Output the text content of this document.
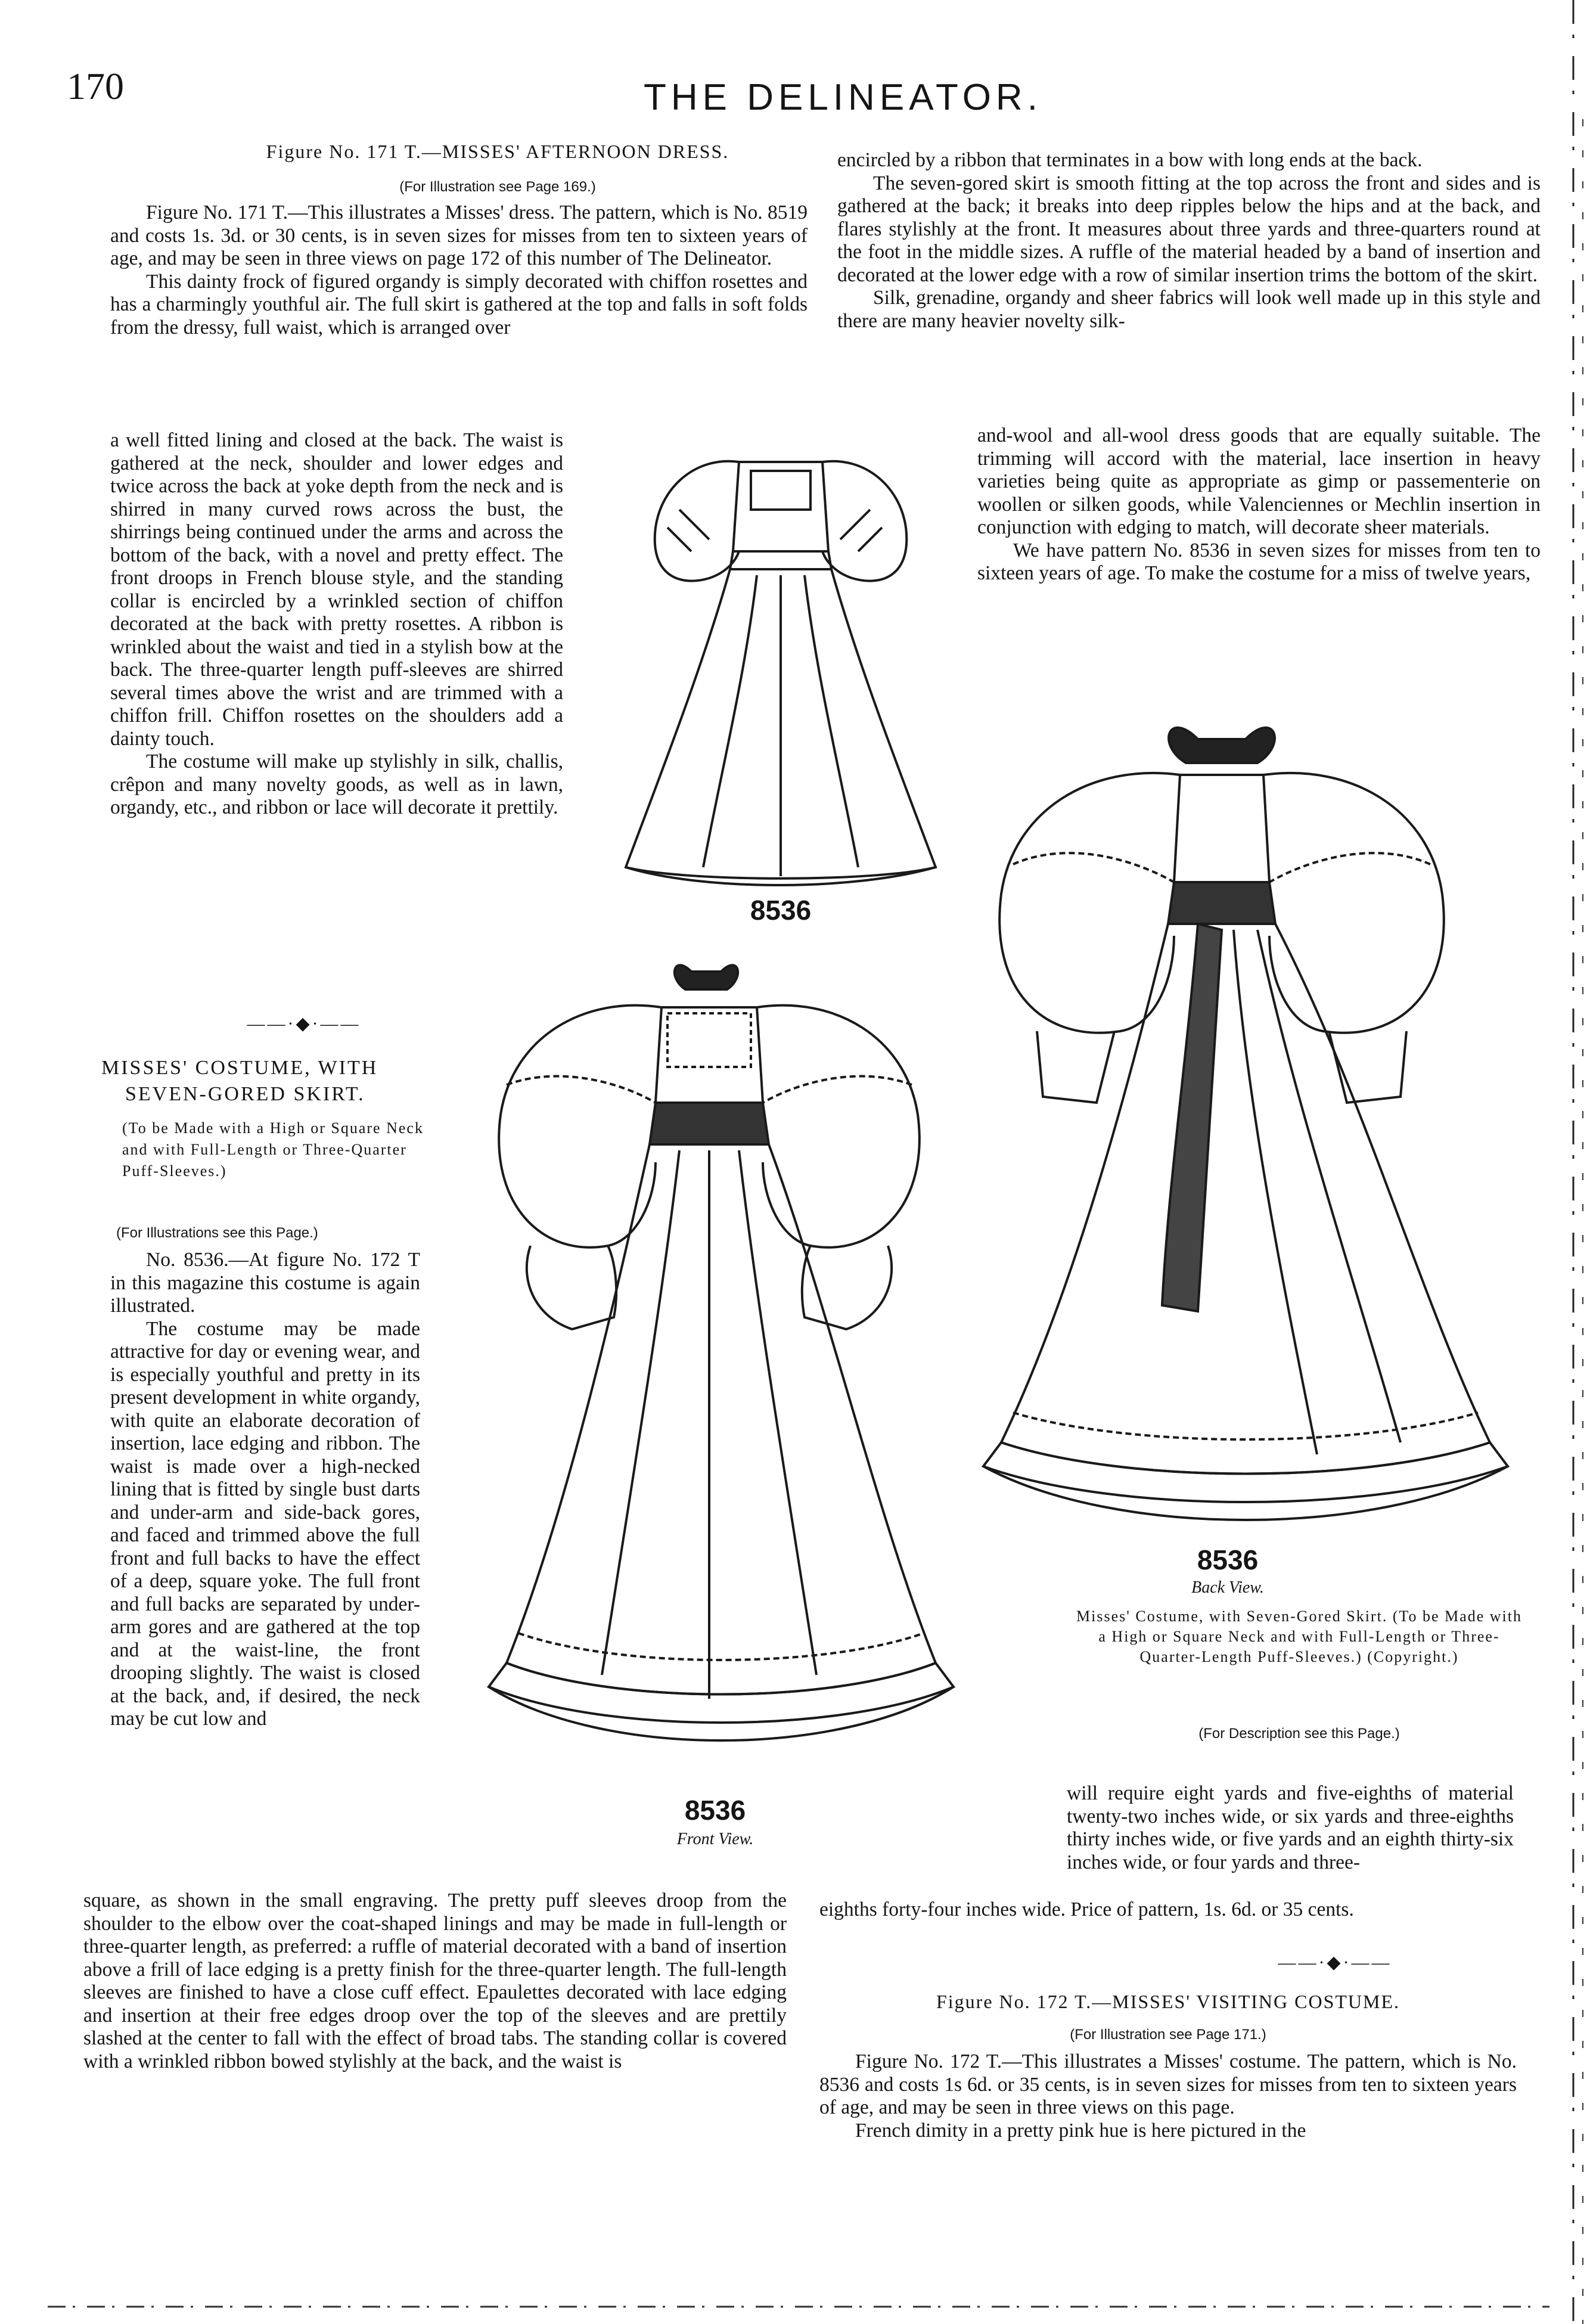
170	THE DELINEATOR.
Figure No. 171 T.—MISSES' AFTERNOON DRESS.
(For Illustration see Page 169.)

Figure No. 171 T.—This illustrates a Misses' dress. The pattern, which is No. 8519 and costs 1s. 3d. or 30 cents, is in seven sizes for misses from ten to sixteen years of age, and may be seen in three views on page 172 of this number of The Delineator.

This dainty frock of figured organdy is simply decorated with chiffon rosettes and has a charmingly youthful air. The full skirt is gathered at the top and falls in soft folds from the dressy, full waist, which is arranged over

a well fitted lining and closed at the back. The waist is gathered at the neck, shoulder and lower edges and twice across the back at yoke depth from the neck and is shirred in many curved rows across the bust, the shirrings being continued under the arms and across the bottom of the back, with a novel and pretty effect. The front droops in French blouse style, and the standing collar is encircled by a wrinkled section of chiffon decorated at the back with pretty rosettes. A ribbon is wrinkled about the waist and tied in a stylish bow at the back. The three-quarter length puff-sleeves are shirred several times above the wrist and are trimmed with a chiffon frill. Chiffon rosettes on the shoulders add a dainty touch.

The costume will make up stylishly in silk, challis, crêpon and many novelty goods, as well as in lawn, organdy, etc., and ribbon or lace will decorate it prettily.

——·◆·——
MISSES' COSTUME, WITH
SEVEN-GORED SKIRT.
(To be Made with a High or Square Neck and with Full-Length or Three-Quarter Puff-Sleeves.)
(For Illustrations see this Page.)

No. 8536.—At figure No. 172 T in this magazine this costume is again illustrated.

The costume may be made attractive for day or evening wear, and is especially youthful and pretty in its present development in white organdy, with quite an elaborate decoration of insertion, lace edging and ribbon. The waist is made over a high-necked lining that is fitted by single bust darts and under-arm and side-back gores, and faced and trimmed above the full front and full backs to have the effect of a deep, square yoke. The full front and full backs are separated by under-arm gores and are gathered at the top and at the waist-line, the front drooping slightly. The waist is closed at the back, and, if desired, the neck may be cut low and

square, as shown in the small engraving. The pretty puff sleeves droop from the shoulder to the elbow over the coat-shaped linings and may be made in full-length or three-quarter length, as preferred: a ruffle of material decorated with a band of insertion above a frill of lace edging is a pretty finish for the three-quarter length. The full-length sleeves are finished to have a close cuff effect. Epaulettes decorated with lace edging and insertion at their free edges droop over the top of the sleeves and are prettily slashed at the center to fall with the effect of broad tabs. The standing collar is covered with a wrinkled ribbon bowed stylishly at the back, and the waist is

encircled by a ribbon that terminates in a bow with long ends at the back.

The seven-gored skirt is smooth fitting at the top across the front and sides and is gathered at the back; it breaks into deep ripples below the hips and at the back, and flares stylishly at the front. It measures about three yards and three-quarters round at the foot in the middle sizes. A ruffle of the material headed by a band of insertion and decorated at the lower edge with a row of similar insertion trims the bottom of the skirt.

Silk, grenadine, organdy and sheer fabrics will look well made up in this style and there are many heavier novelty silk-

and-wool and all-wool dress goods that are equally suitable. The trimming will accord with the material, lace insertion in heavy varieties being quite as appropriate as gimp or passementerie on woollen or silken goods, while Valenciennes or Mechlin insertion in conjunction with edging to match, will decorate sheer materials.

We have pattern No. 8536 in seven sizes for misses from ten to sixteen years of age. To make the costume for a miss of twelve years,

will require eight yards and five-eighths of material twenty-two inches wide, or six yards and three-eighths thirty inches wide, or five yards and an eighth thirty-six inches wide, or four yards and three-

eighths forty-four inches wide. Price of pattern, 1s. 6d. or 35 cents.

——·◆·——
Figure No. 172 T.—MISSES' VISITING COSTUME.
(For Illustration see Page 171.)

Figure No. 172 T.—This illustrates a Misses' costume. The pattern, which is No. 8536 and costs 1s 6d. or 35 cents, is in seven sizes for misses from ten to sixteen years of age, and may be seen in three views on this page.

French dimity in a pretty pink hue is here pictured in the

8536
8536
Front View.
8536
Back View.
Misses' Costume, with Seven-Gored Skirt. (To be Made with a High or Square Neck and with Full-Length or Three-Quarter-Length Puff-Sleeves.) (Copyright.)
(For Description see this Page.)
